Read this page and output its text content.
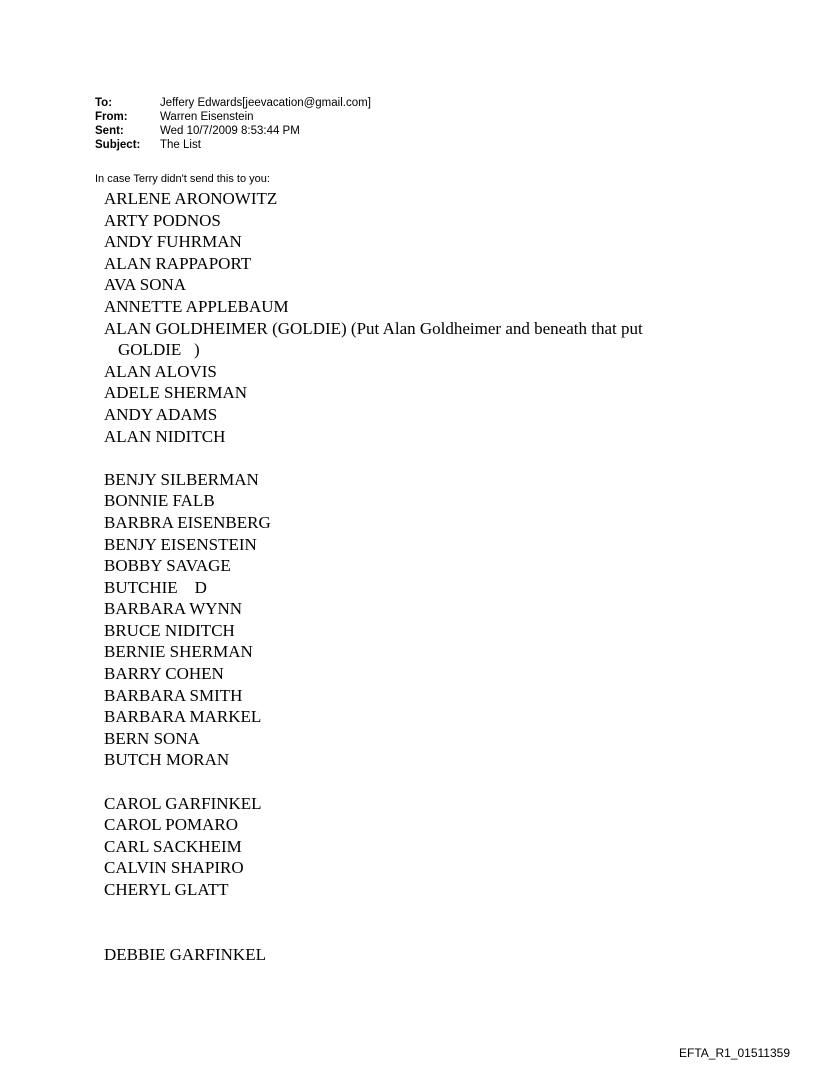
To:	Jeffery Edwards[jeevacation@gmail.com]
From:	Warren Eisenstein
Sent:	Wed 10/7/2009 8:53:44 PM
Subject:	The List
In case Terry didn't send this to you:
ARLENE ARONOWITZ
ARTY PODNOS
ANDY FUHRMAN
ALAN RAPPAPORT
AVA SONA
ANNETTE APPLEBAUM
ALAN GOLDHEIMER (GOLDIE) (Put Alan Goldheimer and beneath that put
GOLDIE   )
ALAN ALOVIS
ADELE SHERMAN
ANDY ADAMS
ALAN NIDITCH
BENJY SILBERMAN
BONNIE FALB
BARBRA EISENBERG
BENJY EISENSTEIN
BOBBY SAVAGE
BUTCHIE    D
BARBARA WYNN
BRUCE NIDITCH
BERNIE SHERMAN
BARRY COHEN
BARBARA SMITH
BARBARA MARKEL
BERN SONA
BUTCH MORAN
CAROL GARFINKEL
CAROL POMARO
CARL SACKHEIM
CALVIN SHAPIRO
CHERYL GLATT
DEBBIE GARFINKEL
EFTA_R1_01511359
